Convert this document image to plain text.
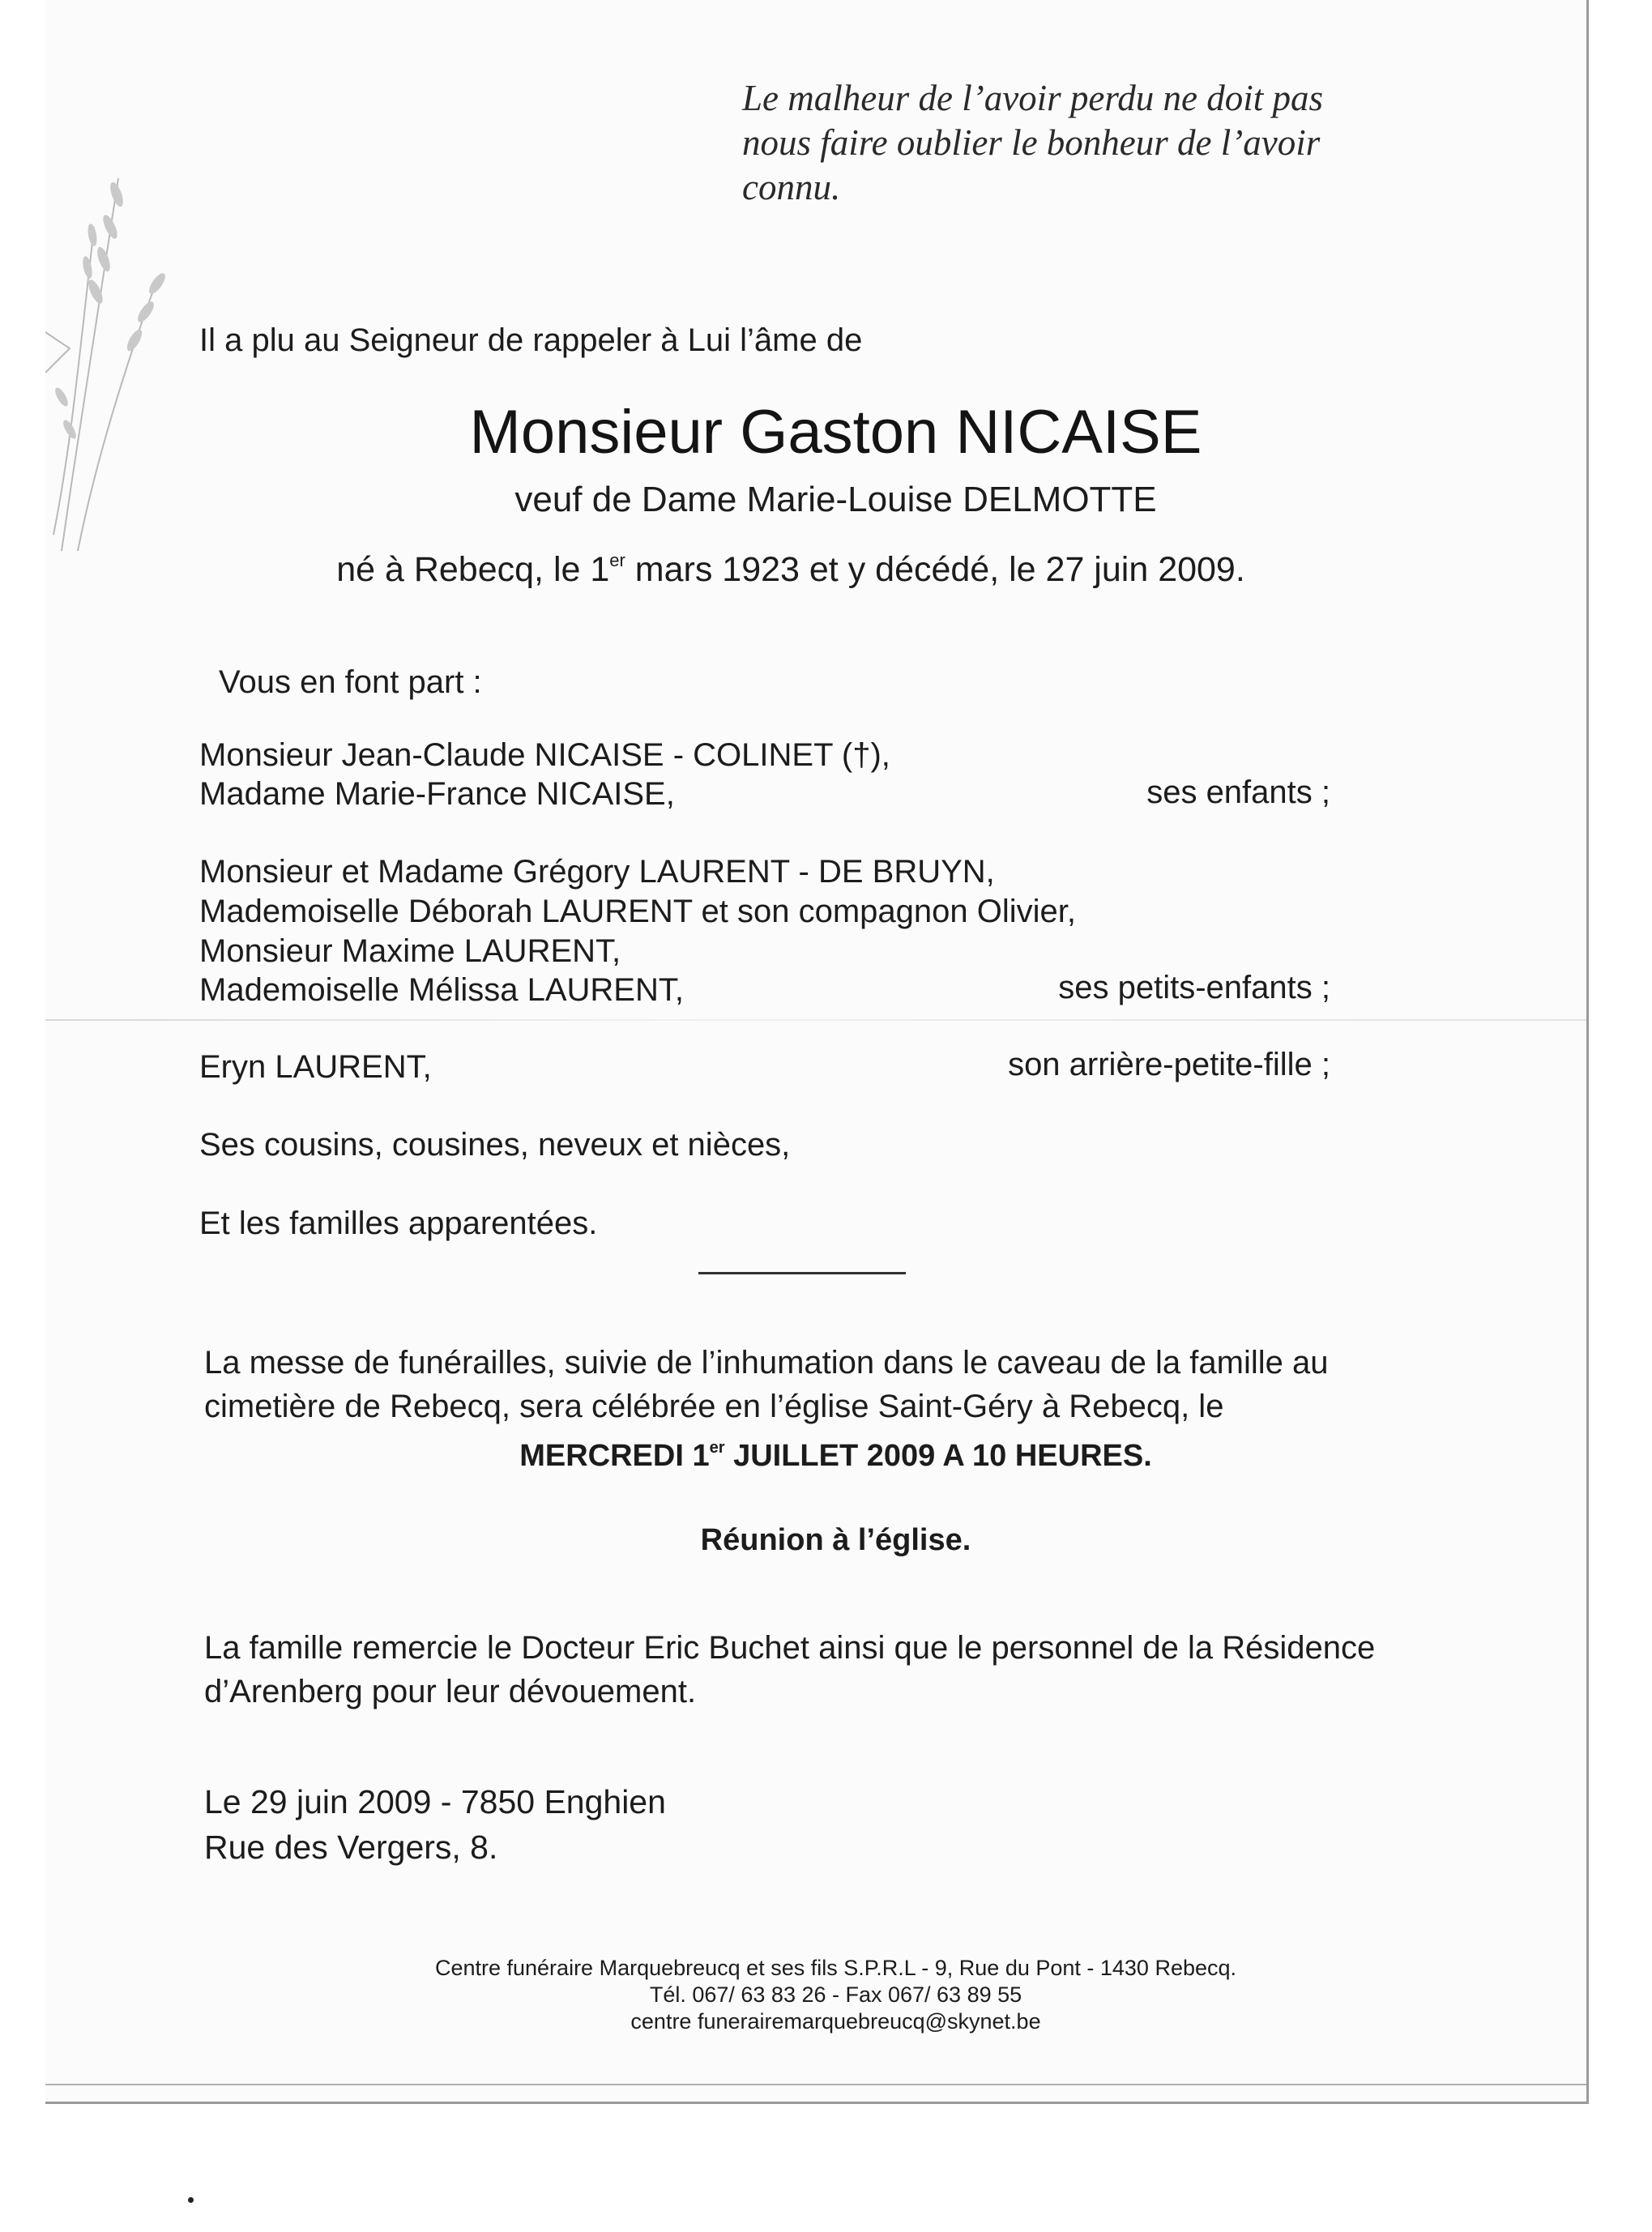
Le malheur de l’avoir perdu ne doit pas
nous faire oublier le bonheur de l’avoir
connu.

Il a plu au Seigneur de rappeler à Lui l’âme de

Monsieur Gaston NICAISE

veuf de Dame Marie-Louise DELMOTTE

né à Rebecq, le 1er mars 1923 et y décédé, le 27 juin 2009.

Vous en font part :

Monsieur Jean-Claude NICAISE - COLINET (†),

Madame Marie-France NICAISE,	ses enfants ;

Monsieur et Madame Grégory LAURENT - DE BRUYN,

Mademoiselle Déborah LAURENT et son compagnon Olivier,

Monsieur Maxime LAURENT,

Mademoiselle Mélissa LAURENT,	ses petits-enfants ;

Eryn LAURENT,	son arrière-petite-fille ;

Ses cousins, cousines, neveux et nièces,

Et les familles apparentées.

La messe de funérailles, suivie de l’inhumation dans le caveau de la famille au
cimetière de Rebecq, sera célébrée en l’église Saint-Géry à Rebecq, le

MERCREDI 1er JUILLET 2009 A 10 HEURES.

Réunion à l’église.

La famille remercie le Docteur Eric Buchet ainsi que le personnel de la Résidence
d’Arenberg pour leur dévouement.
Le 29 juin 2009 - 7850 Enghien
Rue des Vergers, 8.
Centre funéraire Marquebreucq et ses fils S.P.R.L - 9, Rue du Pont - 1430 Rebecq.
Tél. 067/ 63 83 26 - Fax 067/ 63 89 55
centre funerairemarquebreucq@skynet.be
